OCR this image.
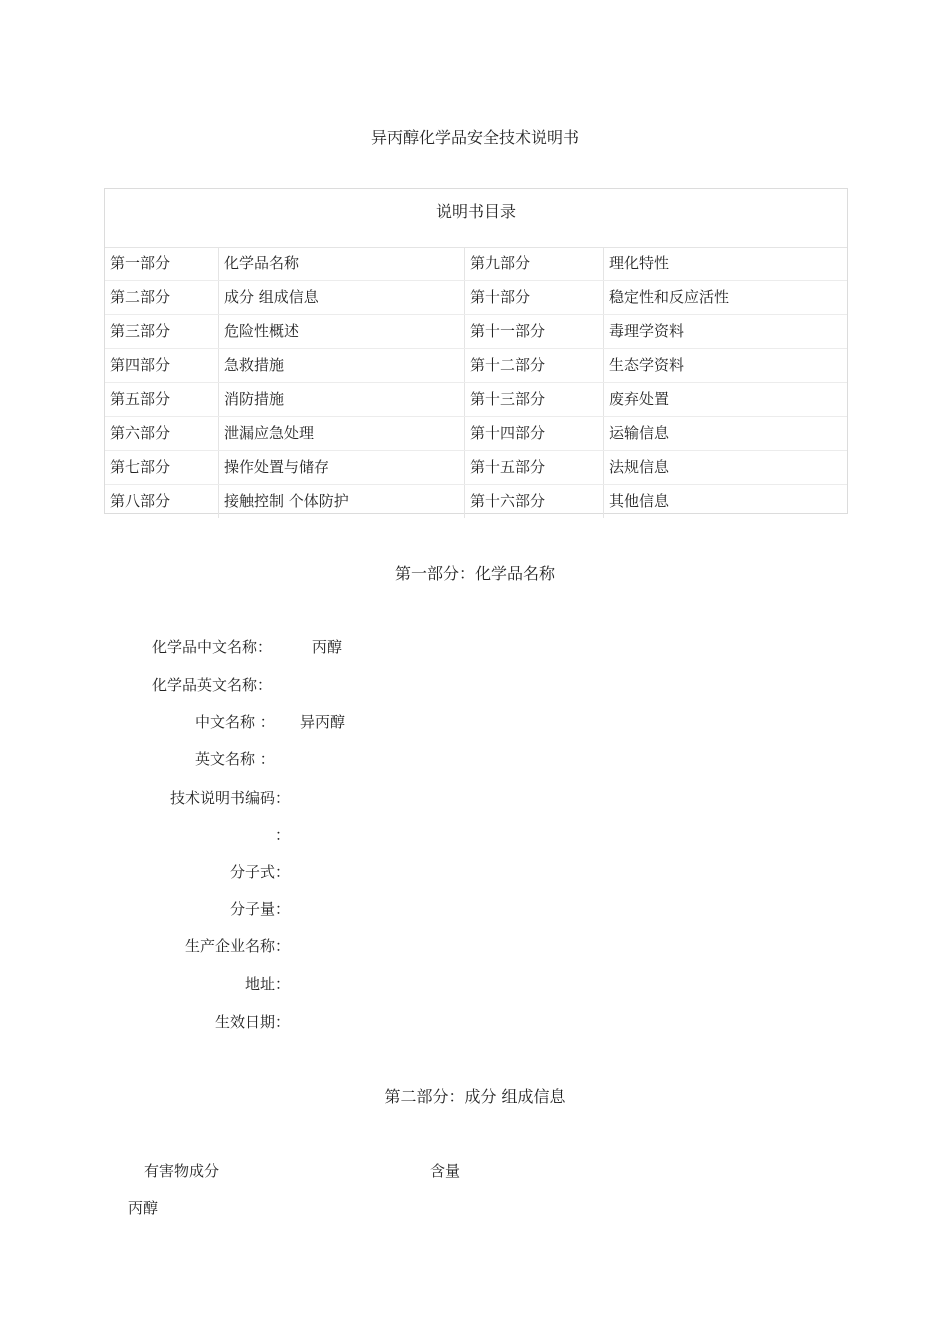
异丙醇化学品安全技术说明书
说明书目录
第一部分	化学品名称	第九部分	理化特性
第二部分	成分 组成信息	第十部分	稳定性和反应活性
第三部分	危险性概述	第十一部分	毒理学资料
第四部分	急救措施	第十二部分	生态学资料
第五部分	消防措施	第十三部分	废弃处置
第六部分	泄漏应急处理	第十四部分	运输信息
第七部分	操作处置与储存	第十五部分	法规信息
第八部分	接触控制 个体防护	第十六部分	其他信息
第一部分：化学品名称
化学品中文名称：	丙醇
化学品英文名称：
中文名称 ： 异丙醇
英文名称 ：
技术说明书编码：
：
分子式：
分子量：
生产企业名称：
地址：
生效日期：
第二部分：成分 组成信息
有害物成分	含量
丙醇
